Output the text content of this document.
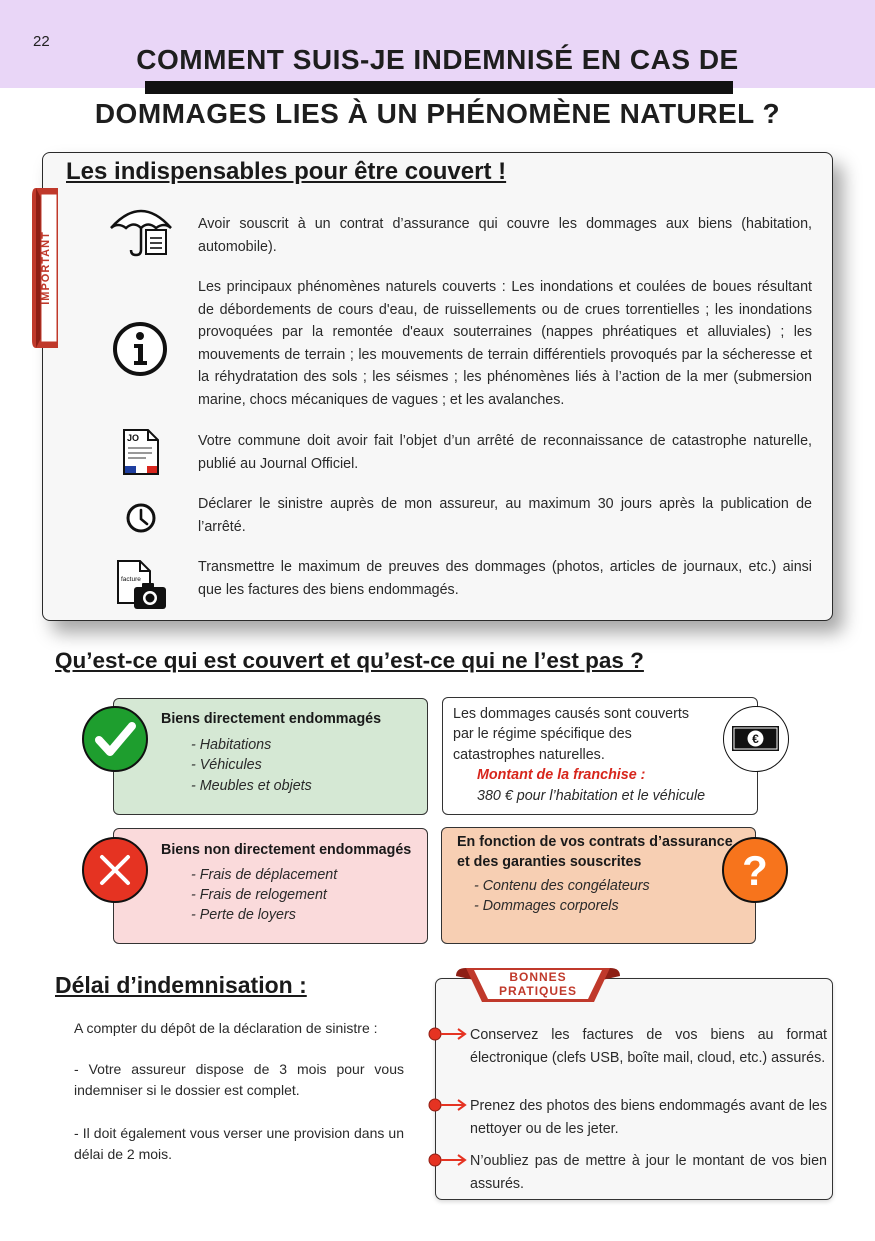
22
COMMENT SUIS-JE INDEMNISÉ EN CAS DE
DOMMAGES LIES À UN PHÉNOMÈNE NATUREL ?
IMPORTANT
Les indispensables pour être couvert !
Avoir souscrit à un contrat d’assurance qui couvre les dommages aux biens (habitation, automobile).
Les principaux phénomènes naturels couverts : Les inondations et coulées de boues résultant de débordements de cours d'eau, de ruissellements ou de crues torrentielles ; les inondations provoquées par la remontée d'eaux souterraines (nappes phréatiques et alluviales) ; les mouvements de terrain ; les mouvements de terrain différentiels provoqués par la sécheresse et la réhydratation des sols ; les séismes ; les phénomènes liés à l’action de la mer (submersion marine, chocs mécaniques de vagues ; et les avalanches.
JO	Votre commune doit avoir fait l’objet d’un arrêté de reconnaissance de catastrophe naturelle, publié au Journal Officiel.
Déclarer le sinistre auprès de mon assureur, au maximum 30 jours après la publication de l’arrêté.
facture
Transmettre le maximum de preuves des dommages (photos, articles de journaux, etc.) ainsi que les factures des biens endommagés.
Qu’est-ce qui est couvert et qu’est-ce qui ne l’est pas ?
Biens directement endommagés
- Habitations
- Véhicules
- Meubles et objets
Les dommages causés sont couverts
par le régime spécifique des
catastrophes naturelles.
Montant de la franchise :
380 € pour l’habitation et le véhicule
€
Biens non directement endommagés
- Frais de déplacement
- Frais de relogement
- Perte de loyers
En fonction de vos contrats d’assurance
et des garanties souscrites
- Contenu des congélateurs
- Dommages corporels
?
Délai d’indemnisation :
A compter du dépôt de la déclaration de sinistre :
- Votre assureur dispose de 3 mois pour vous indemniser si le dossier est complet.
- Il doit également vous verser une provision dans un délai de 2 mois.
BONNES
PRATIQUES
Conservez les factures de vos biens au format électronique (clefs USB, boîte mail, cloud, etc.) assurés.
Prenez des photos des biens endommagés avant de les nettoyer ou de les jeter.
N’oubliez pas de mettre à jour le montant de vos bien assurés.
